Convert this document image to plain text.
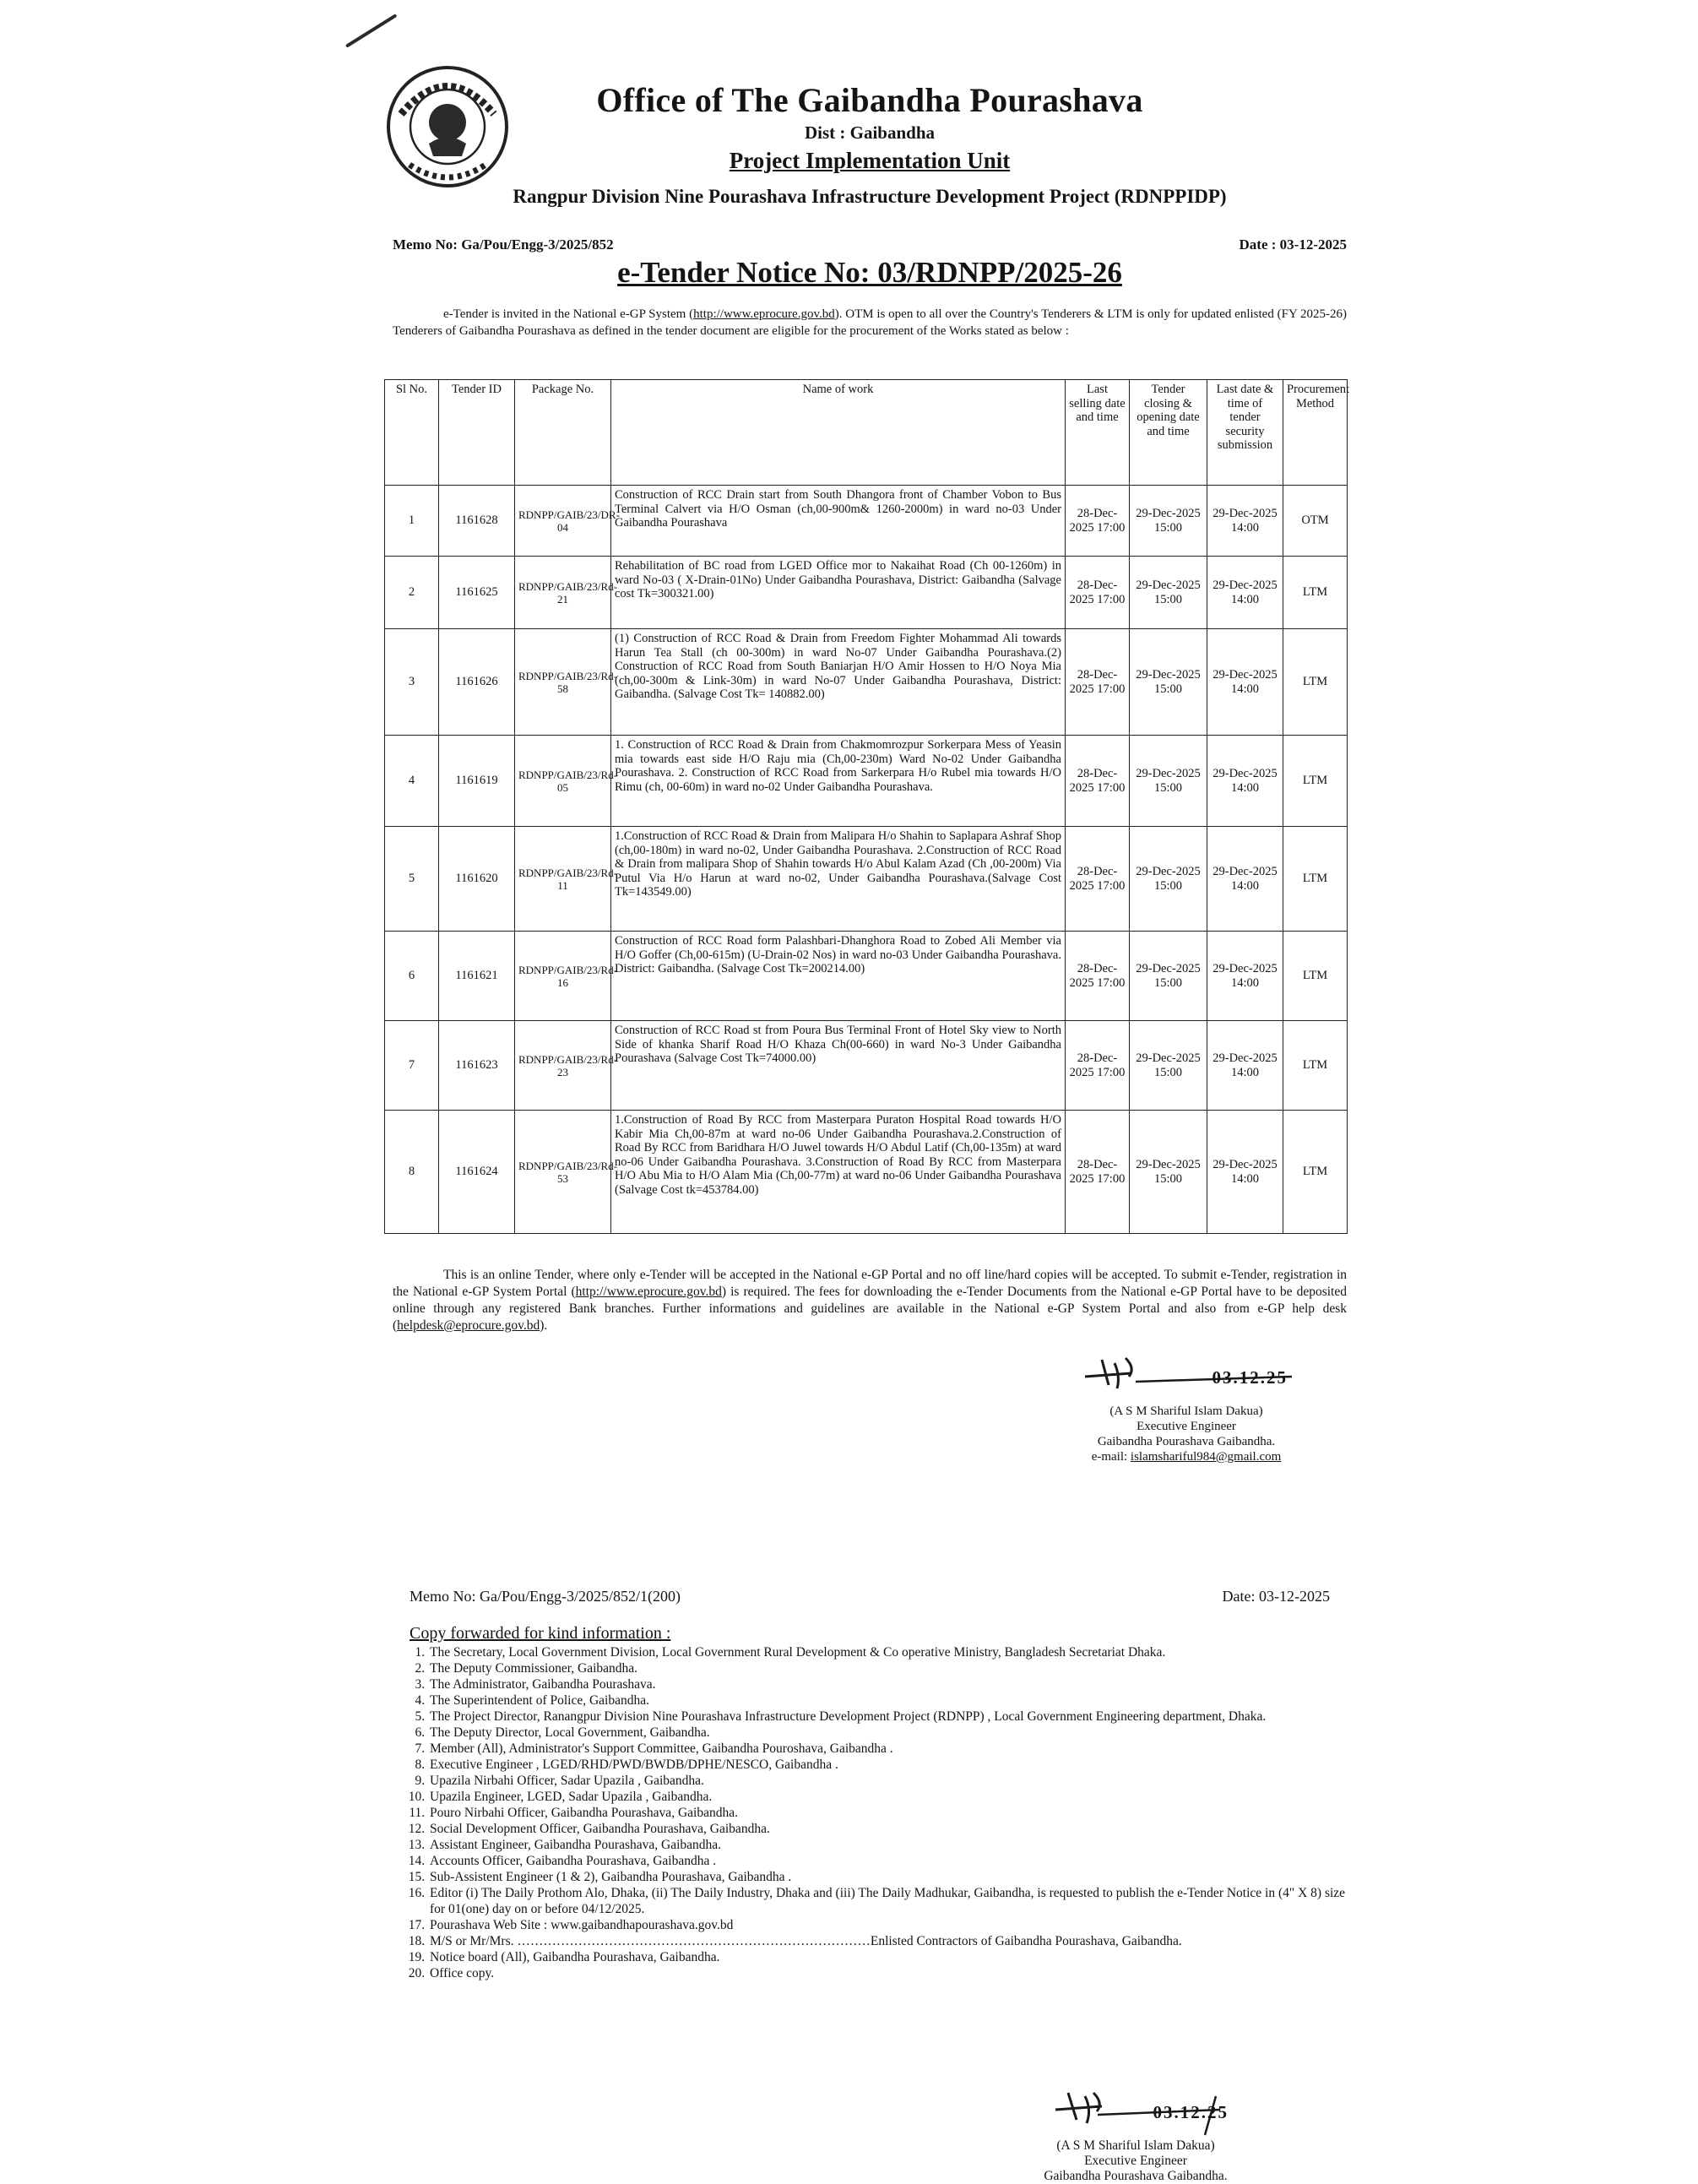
Office of The Gaibandha Pourashava
Dist : Gaibandha
Project Implementation Unit
Rangpur Division Nine Pourashava Infrastructure Development Project (RDNPPIDP)
Memo No: Ga/Pou/Engg-3/2025/852	Date : 03-12-2025
e-Tender Notice No: 03/RDNPP/2025-26
e-Tender is invited in the National e-GP System (http://www.eprocure.gov.bd). OTM is open to all over the Country's Tenderers & LTM is only for updated enlisted (FY 2025-26) Tenderers of Gaibandha Pourashava as defined in the tender document are eligible for the procurement of the Works stated as below :
Sl No.	Tender ID	Package No.	Name of work	Last selling date and time	Tender closing & opening date and time	Last date & time of tender security submission	Procurement Method
1	1161628	RDNPP/GAIB/23/DR-04	Construction of RCC Drain start from South Dhangora front of Chamber Vobon to Bus Terminal Calvert via H/O Osman (ch,00-900m& 1260-2000m) in ward no-03 Under Gaibandha Pourashava	28-Dec-2025 17:00	29-Dec-2025 15:00	29-Dec-2025 14:00	OTM
2	1161625	RDNPP/GAIB/23/Rd-21	Rehabilitation of BC road from LGED Office mor to Nakaihat Road (Ch 00-1260m) in ward No-03 ( X-Drain-01No) Under Gaibandha Pourashava, District: Gaibandha (Salvage cost Tk=300321.00)	28-Dec-2025 17:00	29-Dec-2025 15:00	29-Dec-2025 14:00	LTM
3	1161626	RDNPP/GAIB/23/Rd-58	(1) Construction of RCC Road & Drain from Freedom Fighter Mohammad Ali towards Harun Tea Stall (ch 00-300m) in ward No-07 Under Gaibandha Pourashava.(2) Construction of RCC Road from South Baniarjan H/O Amir Hossen to H/O Noya Mia (ch,00-300m & Link-30m) in ward No-07 Under Gaibandha Pourashava, District: Gaibandha. (Salvage Cost Tk= 140882.00)	28-Dec-2025 17:00	29-Dec-2025 15:00	29-Dec-2025 14:00	LTM
4	1161619	RDNPP/GAIB/23/Rd-05	1. Construction of RCC Road & Drain from Chakmomrozpur Sorkerpara Mess of Yeasin mia towards east side H/O Raju mia (Ch,00-230m) Ward No-02 Under Gaibandha Pourashava. 2. Construction of RCC Road from Sarkerpara H/o Rubel mia towards H/O Rimu (ch, 00-60m) in ward no-02 Under Gaibandha Pourashava.	28-Dec-2025 17:00	29-Dec-2025 15:00	29-Dec-2025 14:00	LTM
5	1161620	RDNPP/GAIB/23/Rd-11	1.Construction of RCC Road & Drain from Malipara H/o Shahin to Saplapara Ashraf Shop (ch,00-180m) in ward no-02, Under Gaibandha Pourashava. 2.Construction of RCC Road & Drain from malipara Shop of Shahin towards H/o Abul Kalam Azad (Ch ,00-200m) Via Putul Via H/o Harun at ward no-02, Under Gaibandha Pourashava.(Salvage Cost Tk=143549.00)	28-Dec-2025 17:00	29-Dec-2025 15:00	29-Dec-2025 14:00	LTM
6	1161621	RDNPP/GAIB/23/Rd-16	Construction of RCC Road form Palashbari-Dhanghora Road to Zobed Ali Member via H/O Goffer (Ch,00-615m) (U-Drain-02 Nos) in ward no-03 Under Gaibandha Pourashava. District: Gaibandha. (Salvage Cost Tk=200214.00)	28-Dec-2025 17:00	29-Dec-2025 15:00	29-Dec-2025 14:00	LTM
7	1161623	RDNPP/GAIB/23/Rd-23	Construction of RCC Road st from Poura Bus Terminal Front of Hotel Sky view to North Side of khanka Sharif Road H/O Khaza Ch(00-660) in ward No-3 Under Gaibandha Pourashava (Salvage Cost Tk=74000.00)	28-Dec-2025 17:00	29-Dec-2025 15:00	29-Dec-2025 14:00	LTM
8	1161624	RDNPP/GAIB/23/Rd-53	1.Construction of Road By RCC from Masterpara Puraton Hospital Road towards H/O Kabir Mia Ch,00-87m at ward no-06 Under Gaibandha Pourashava.2.Construction of Road By RCC from Baridhara H/O Juwel towards H/O Abdul Latif (Ch,00-135m) at ward no-06 Under Gaibandha Pourashava. 3.Construction of Road By RCC from Masterpara H/O Abu Mia to H/O Alam Mia (Ch,00-77m) at ward no-06 Under Gaibandha Pourashava (Salvage Cost tk=453784.00)	28-Dec-2025 17:00	29-Dec-2025 15:00	29-Dec-2025 14:00	LTM
This is an online Tender, where only e-Tender will be accepted in the National e-GP Portal and no off line/hard copies will be accepted. To submit e-Tender, registration in the National e-GP System Portal (http://www.eprocure.gov.bd) is required. The fees for downloading the e-Tender Documents from the National e-GP Portal have to be deposited online through any registered Bank branches. Further informations and guidelines are available in the National e-GP System Portal and also from e-GP help desk (helpdesk@eprocure.gov.bd).
03.12.25
(A S M Shariful Islam Dakua)
Executive Engineer
Gaibandha Pourashava Gaibandha.
e-mail: islamshariful984@gmail.com
Memo No: Ga/Pou/Engg-3/2025/852/1(200)	Date: 03-12-2025
Copy forwarded for kind information :
1. The Secretary, Local Government Division, Local Government Rural Development & Co operative Ministry, Bangladesh Secretariat Dhaka.
2. The Deputy Commissioner, Gaibandha.
3. The Administrator, Gaibandha Pourashava.
4. The Superintendent of Police, Gaibandha.
5. The Project Director, Ranangpur Division Nine Pourashava Infrastructure Development Project (RDNPP) , Local Government Engineering department, Dhaka.
6. The Deputy Director, Local Government, Gaibandha.
7. Member (All), Administrator's Support Committee, Gaibandha Pouroshava, Gaibandha .
8. Executive Engineer , LGED/RHD/PWD/BWDB/DPHE/NESCO, Gaibandha .
9. Upazila Nirbahi Officer, Sadar Upazila , Gaibandha.
10. Upazila Engineer, LGED, Sadar Upazila , Gaibandha.
11. Pouro Nirbahi Officer, Gaibandha Pourashava, Gaibandha.
12. Social Development Officer, Gaibandha Pourashava, Gaibandha.
13. Assistant Engineer, Gaibandha Pourashava, Gaibandha.
14. Accounts Officer, Gaibandha Pourashava, Gaibandha .
15. Sub-Assistent Engineer (1 & 2), Gaibandha Pourashava, Gaibandha .
16. Editor (i) The Daily Prothom Alo, Dhaka, (ii) The Daily Industry, Dhaka and (iii) The Daily Madhukar, Gaibandha, is requested to publish the e-Tender Notice in (4" X 8) size for 01(one) day on or before 04/12/2025.
17. Pourashava Web Site : www.gaibandhapourashava.gov.bd
18. M/S or Mr/Mrs. ………………………………………………………………………Enlisted Contractors of Gaibandha Pourashava, Gaibandha.
19. Notice board (All), Gaibandha Pourashava, Gaibandha.
20. Office copy.
03.12.25
(A S M Shariful Islam Dakua)
Executive Engineer
Gaibandha Pourashava Gaibandha.
